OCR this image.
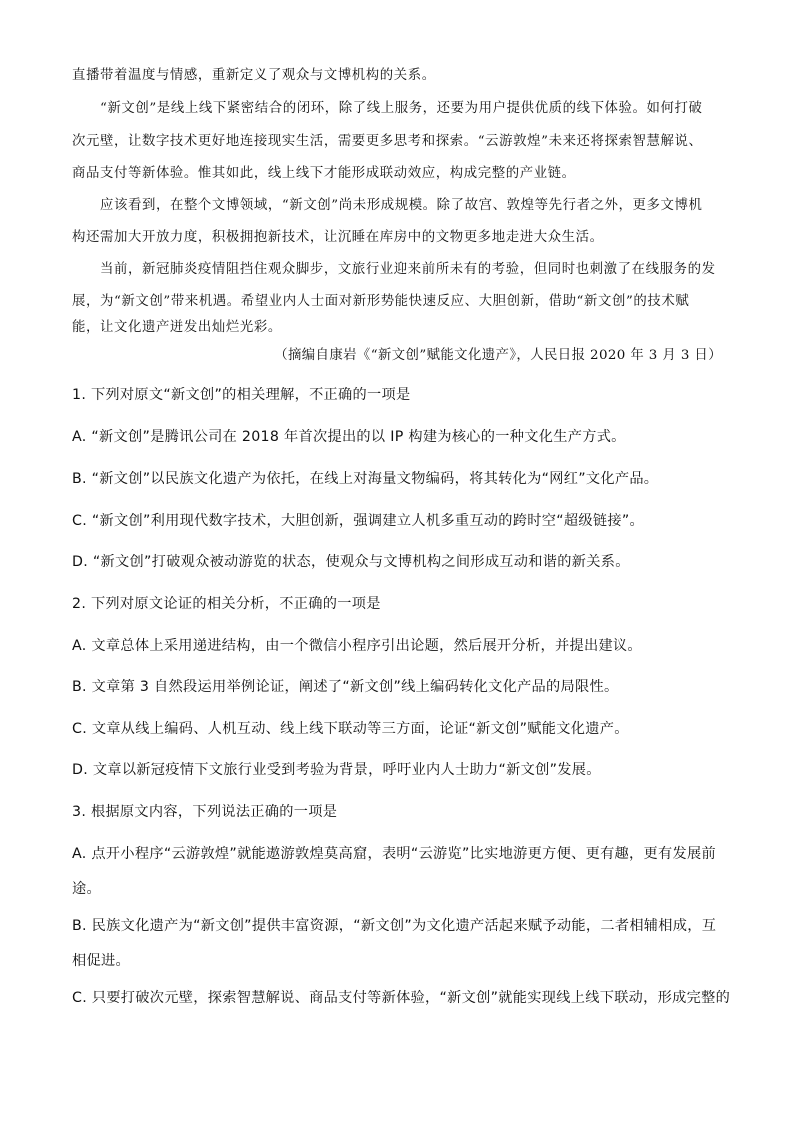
直播带着温度与情感，重新定义了观众与文博机构的关系。
“新文创”是线上线下紧密结合的闭环，除了线上服务，还要为用户提供优质的线下体验。如何打破
次元壁，让数字技术更好地连接现实生活，需要更多思考和探索。“云游敦煌”未来还将探索智慧解说、
商品支付等新体验。惟其如此，线上线下才能形成联动效应，构成完整的产业链。
应该看到，在整个文博领域，“新文创”尚未形成规模。除了故宫、敦煌等先行者之外，更多文博机
构还需加大开放力度，积极拥抱新技术，让沉睡在库房中的文物更多地走进大众生活。
当前，新冠肺炎疫情阻挡住观众脚步，文旅行业迎来前所未有的考验，但同时也刺激了在线服务的发
展，为“新文创”带来机遇。希望业内人士面对新形势能快速反应、大胆创新，借助“新文创”的技术赋
能，让文化遗产迸发出灿烂光彩。
（摘编自康岩《“新文创”赋能文化遗产》，人民日报 2020 年 3 月 3 日）
1. 下列对原文“新文创”的相关理解，不正确的一项是
A. “新文创”是腾讯公司在 2018 年首次提出的以 IP 构建为核心的一种文化生产方式。
B. “新文创”以民族文化遗产为依托，在线上对海量文物编码，将其转化为“网红”文化产品。
C. “新文创”利用现代数字技术，大胆创新，强调建立人机多重互动的跨时空“超级链接”。
D. “新文创”打破观众被动游览的状态，使观众与文博机构之间形成互动和谐的新关系。
2. 下列对原文论证的相关分析，不正确的一项是
A. 文章总体上采用递进结构，由一个微信小程序引出论题，然后展开分析，并提出建议。
B. 文章第 3 自然段运用举例论证，阐述了“新文创”线上编码转化文化产品的局限性。
C. 文章从线上编码、人机互动、线上线下联动等三方面，论证“新文创”赋能文化遗产。
D. 文章以新冠疫情下文旅行业受到考验为背景，呼吁业内人士助力“新文创”发展。
3. 根据原文内容，下列说法正确的一项是
A. 点开小程序“云游敦煌”就能遨游敦煌莫高窟，表明“云游览”比实地游更方便、更有趣，更有发展前
途。
B. 民族文化遗产为“新文创”提供丰富资源，“新文创”为文化遗产活起来赋予动能，二者相辅相成，互
相促进。
C. 只要打破次元壁，探索智慧解说、商品支付等新体验，“新文创”就能实现线上线下联动，形成完整的
